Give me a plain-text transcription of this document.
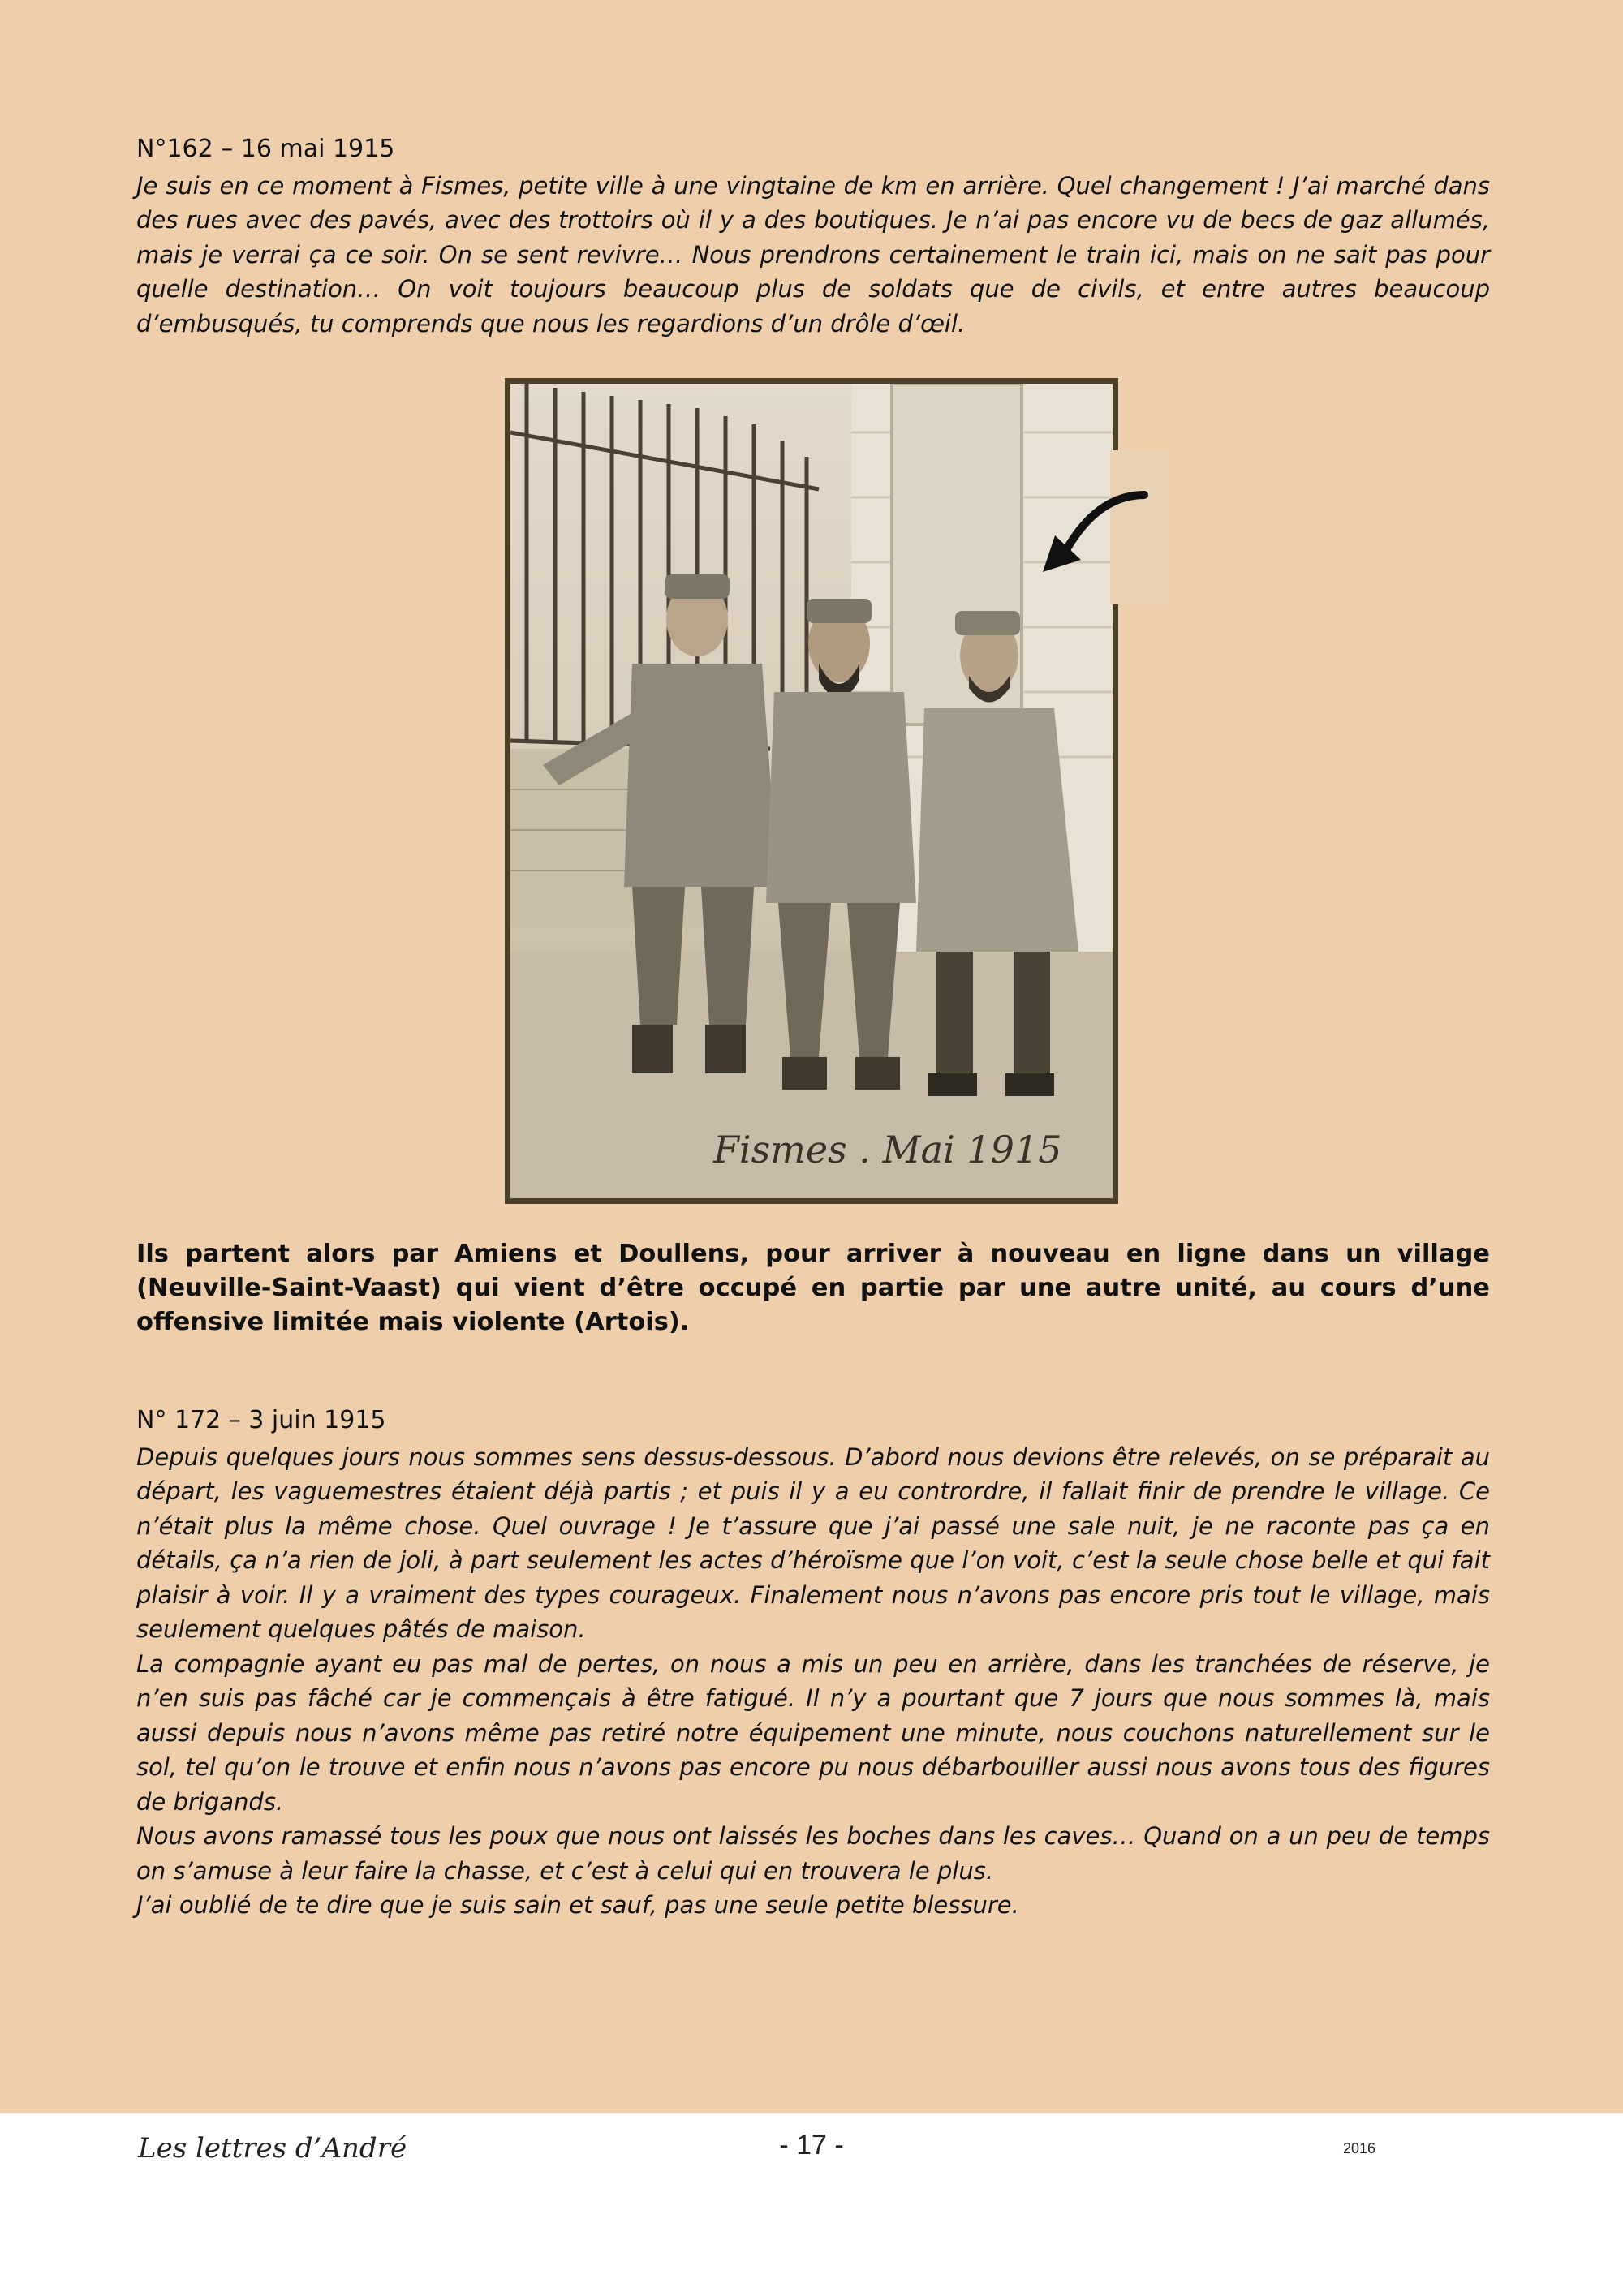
N°162 – 16 mai 1915

Je suis en ce moment à Fismes, petite ville à une vingtaine de km en arrière. Quel changement ! J’ai marché dans des rues avec des pavés, avec des trottoirs où il y a des boutiques. Je n’ai pas encore vu de becs de gaz allumés, mais je verrai ça ce soir. On se sent revivre… Nous prendrons certainement le train ici, mais on ne sait pas pour quelle destination… On voit toujours beaucoup plus de soldats que de civils, et entre autres beaucoup d’embusqués, tu comprends que nous les regardions d’un drôle d’œil.

Fismes . Mai 1915

Ils partent alors par Amiens et Doullens, pour arriver à nouveau en ligne dans un village (Neuville-Saint-Vaast) qui vient d’être occupé en partie par une autre unité, au cours d’une offensive limitée mais violente (Artois).

N° 172 – 3 juin 1915

Depuis quelques jours nous sommes sens dessus-dessous. D’abord nous devions être relevés, on se préparait au départ, les vaguemestres étaient déjà partis ; et puis il y a eu contrordre, il fallait finir de prendre le village. Ce n’était plus la même chose. Quel ouvrage ! Je t’assure que j’ai passé une sale nuit, je ne raconte pas ça en détails, ça n’a rien de joli, à part seulement les actes d’héroïsme que l’on voit, c’est la seule chose belle et qui fait plaisir à voir. Il y a vraiment des types courageux. Finalement nous n’avons pas encore pris tout le village, mais seulement quelques pâtés de maison.

La compagnie ayant eu pas mal de pertes, on nous a mis un peu en arrière, dans les tranchées de réserve, je n’en suis pas fâché car je commençais à être fatigué. Il n’y a pourtant que 7 jours que nous sommes là, mais aussi depuis nous n’avons même pas retiré notre équipement une minute, nous couchons naturellement sur le sol, tel qu’on le trouve et enfin nous n’avons pas encore pu nous débarbouiller aussi nous avons tous des figures de brigands.

Nous avons ramassé tous les poux que nous ont laissés les boches dans les caves… Quand on a un peu de temps on s’amuse à leur faire la chasse, et c’est à celui qui en trouvera le plus.

J’ai oublié de te dire que je suis sain et sauf, pas une seule petite blessure.

Les lettres d’André	- 17 -	2016
